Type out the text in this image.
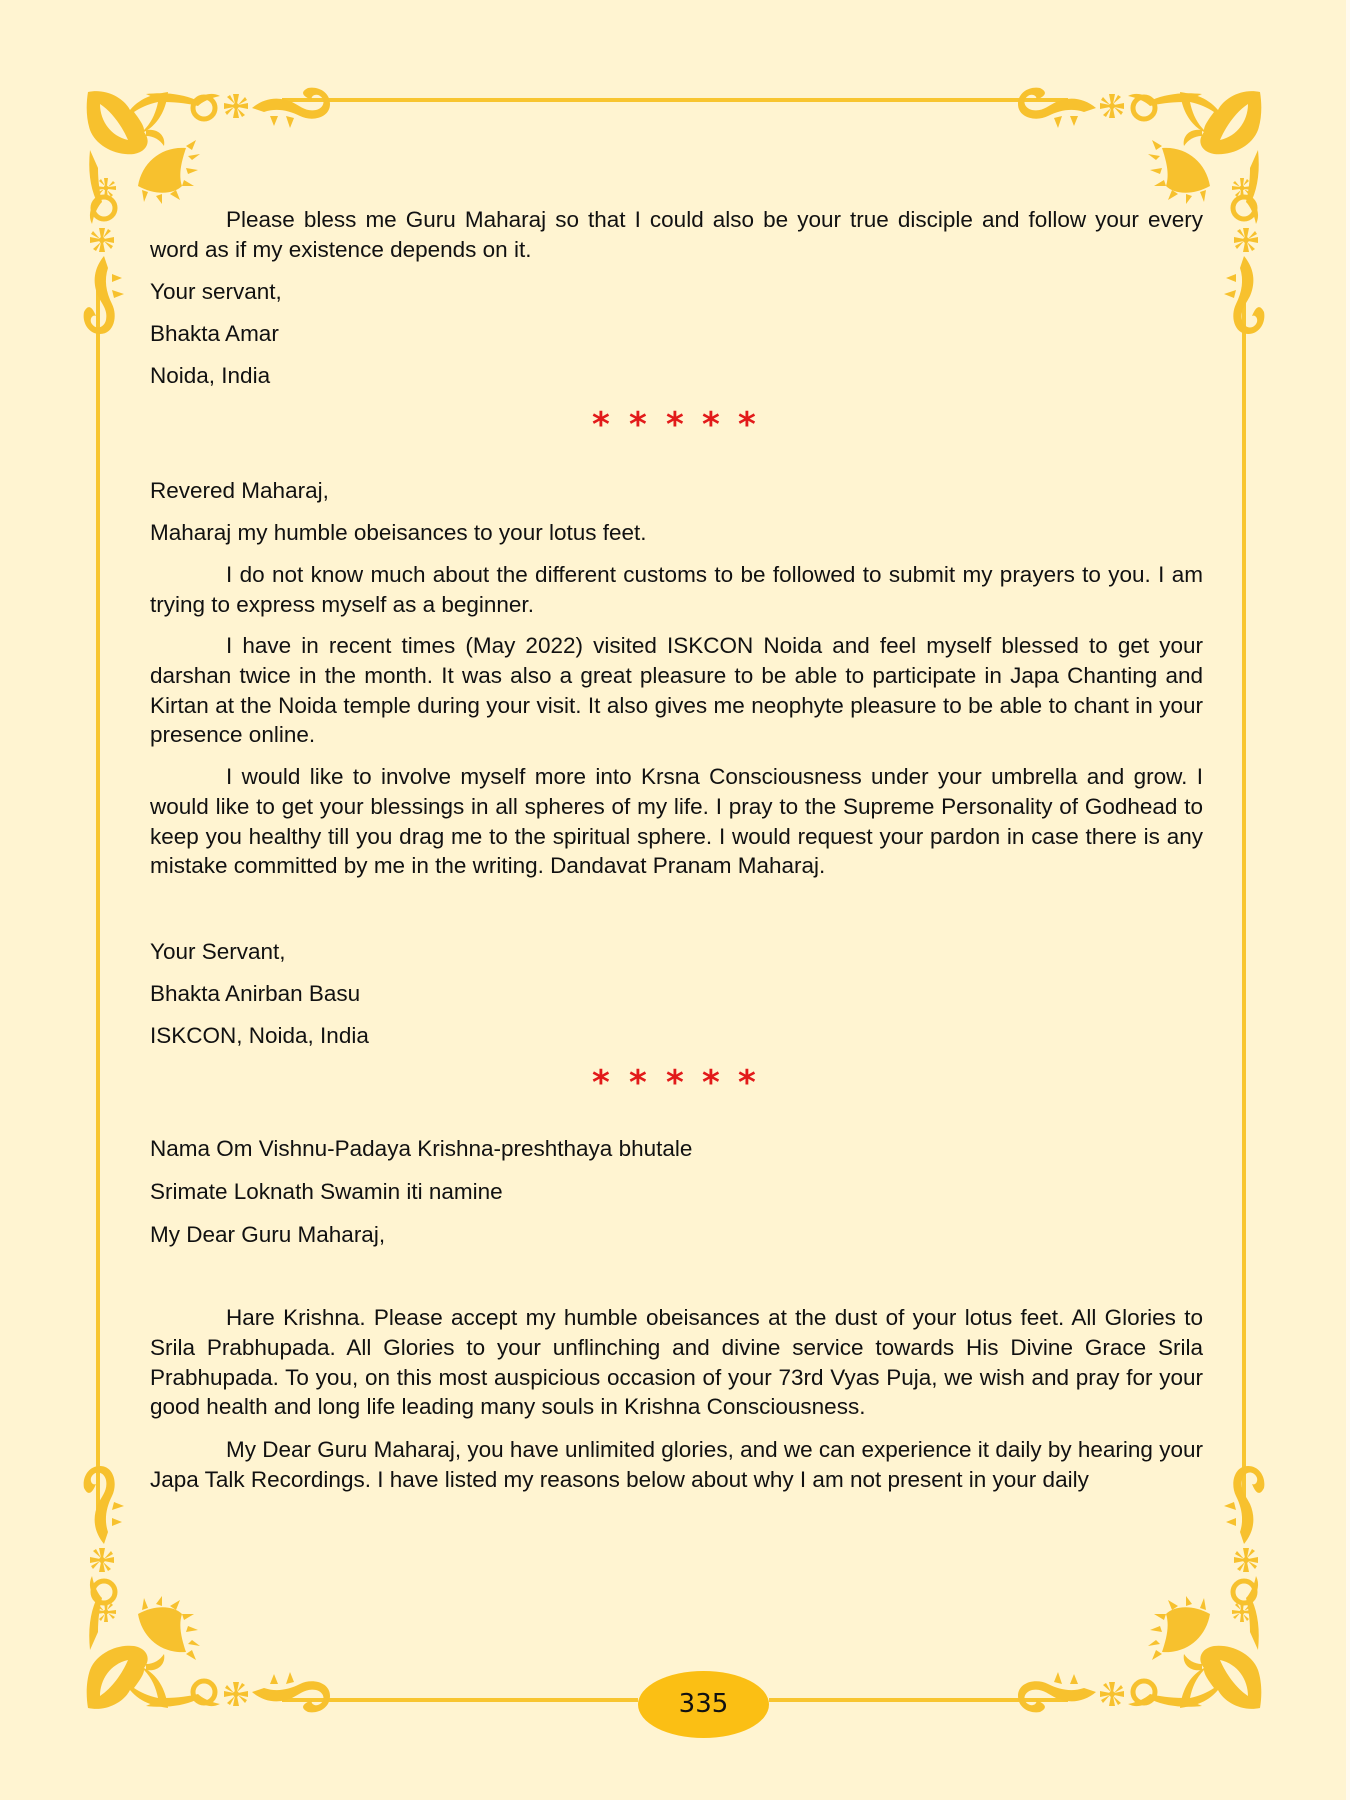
Please bless me Guru Maharaj so that I could also be your true disciple and follow your every word as if my existence depends on it.
Your servant,
Bhakta Amar
Noida, India
* * * * *
Revered Maharaj,
Maharaj my humble obeisances to your lotus feet.
I do not know much about the different customs to be followed to submit my prayers to you. I am trying to express myself as a beginner.
I have in recent times (May 2022) visited ISKCON Noida and feel myself blessed to get your darshan twice in the month. It was also a great pleasure to be able to participate in Japa Chanting and Kirtan at the Noida temple during your visit. It also gives me neophyte pleasure to be able to chant in your presence online.
I would like to involve myself more into Krsna Consciousness under your umbrella and grow. I would like to get your blessings in all spheres of my life. I pray to the Supreme Personality of Godhead to keep you healthy till you drag me to the spiritual sphere. I would request your pardon in case there is any mistake committed by me in the writing. Dandavat Pranam Maharaj.
Your Servant,
Bhakta Anirban Basu
ISKCON, Noida, India
* * * * *
Nama Om Vishnu-Padaya Krishna-preshthaya bhutale
Srimate Loknath Swamin iti namine
My Dear Guru Maharaj,
Hare Krishna. Please accept my humble obeisances at the dust of your lotus feet. All Glories to Srila Prabhupada. All Glories to your unflinching and divine service towards His Divine Grace Srila Prabhupada. To you, on this most auspicious occasion of your 73rd Vyas Puja, we wish and pray for your good health and long life leading many souls in Krishna Consciousness.
My Dear Guru Maharaj, you have unlimited glories, and we can experience it daily by hearing your Japa Talk Recordings. I have listed my reasons below about why I am not present in your daily
335
